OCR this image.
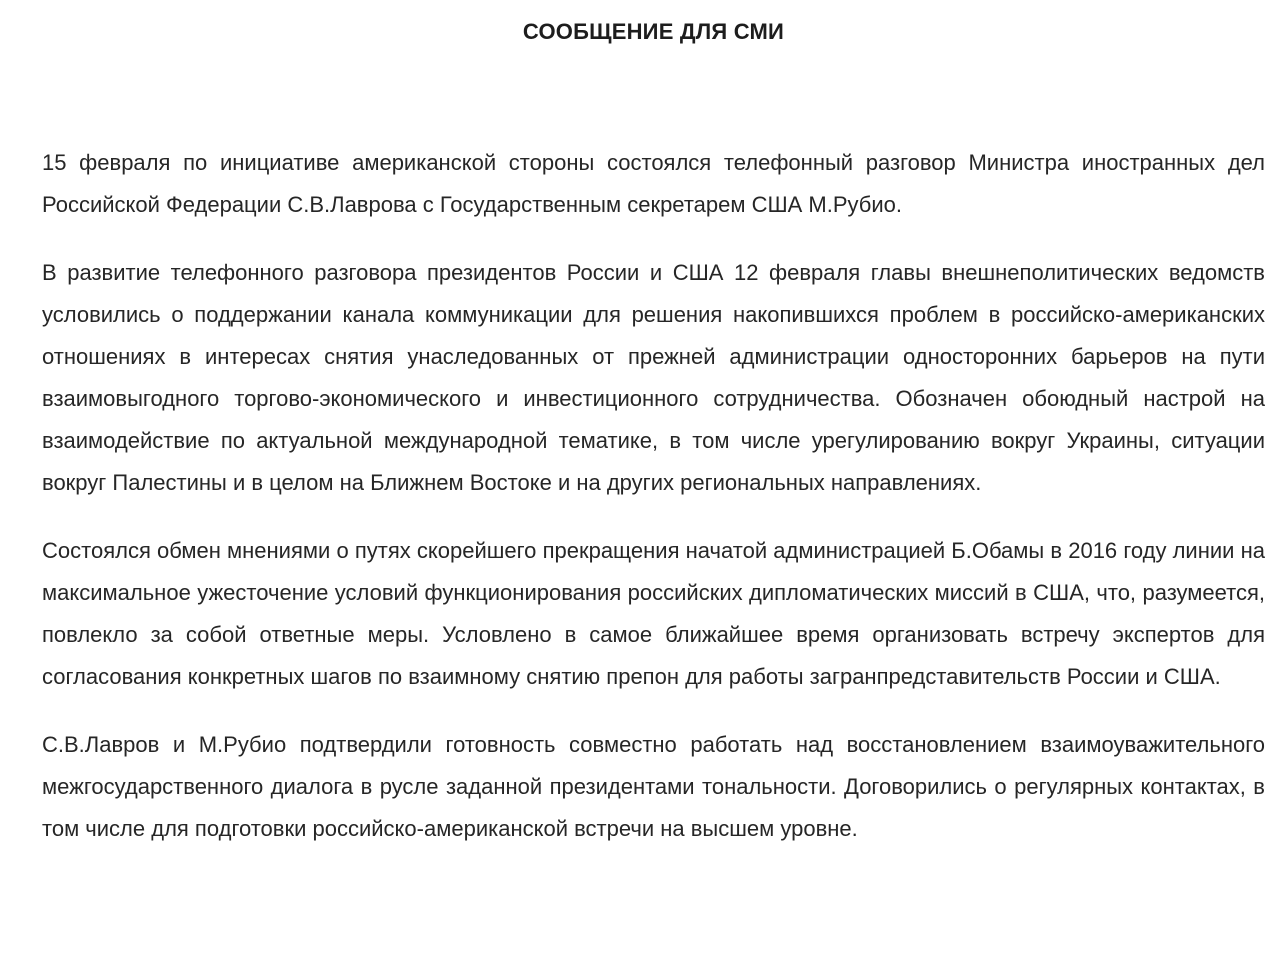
СООБЩЕНИЕ ДЛЯ СМИ

15 февраля по инициативе американской стороны состоялся телефонный разговор Министра иностранных дел Российской Федерации С.В.Лаврова с Государственным секретарем США М.Рубио.

В развитие телефонного разговора президентов России и США 12 февраля главы внешнеполитических ведомств условились о поддержании канала коммуникации для решения накопившихся проблем в российско-американских отношениях в интересах снятия унаследованных от прежней администрации односторонних барьеров на пути взаимовыгодного торгово-экономического и инвестиционного сотрудничества. Обозначен обоюдный настрой на взаимодействие по актуальной международной тематике, в том числе урегулированию вокруг Украины, ситуации вокруг Палестины и в целом на Ближнем Востоке и на других региональных направлениях.

Состоялся обмен мнениями о путях скорейшего прекращения начатой администрацией Б.Обамы в 2016 году линии на максимальное ужесточение условий функционирования российских дипломатических миссий в США, что, разумеется, повлекло за собой ответные меры. Условлено в самое ближайшее время организовать встречу экспертов для согласования конкретных шагов по взаимному снятию препон для работы загранпредставительств России и США.

С.В.Лавров и М.Рубио подтвердили готовность совместно работать над восстановлением взаимоуважительного межгосударственного диалога в русле заданной президентами тональности. Договорились о регулярных контактах, в том числе для подготовки российско-американской встречи на высшем уровне.
